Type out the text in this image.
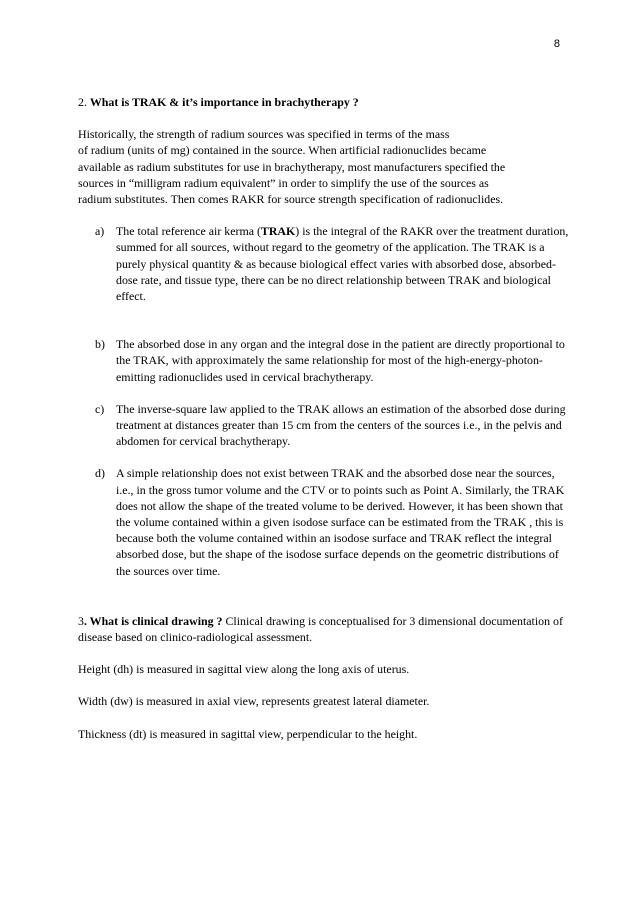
8

2. What is TRAK & it’s importance in brachytherapy ?

Historically, the strength of radium sources was specified in terms of the mass
of radium (units of mg) contained in the source. When artificial radionuclides became
available as radium substitutes for use in brachytherapy, most manufacturers specified the
sources in “milligram radium equivalent” in order to simplify the use of the sources as
radium substitutes. Then comes RAKR for source strength specification of radionuclides.

a) The total reference air kerma (TRAK) is the integral of the RAKR over the treatment duration, summed for all sources, without regard to the geometry of the application. The TRAK is a purely physical quantity & as because biological effect varies with absorbed dose, absorbed-dose rate, and tissue type, there can be no direct relationship between TRAK and biological effect.
b) The absorbed dose in any organ and the integral dose in the patient are directly proportional to the TRAK, with approximately the same relationship for most of the high-energy-photon-emitting radionuclides used in cervical brachytherapy.
c) The inverse-square law applied to the TRAK allows an estimation of the absorbed dose during treatment at distances greater than 15 cm from the centers of the sources i.e., in the pelvis and abdomen for cervical brachytherapy.
d) A simple relationship does not exist between TRAK and the absorbed dose near the sources, i.e., in the gross tumor volume and the CTV or to points such as Point A. Similarly, the TRAK does not allow the shape of the treated volume to be derived. However, it has been shown that the volume contained within a given isodose surface can be estimated from the TRAK , this is because both the volume contained within an isodose surface and TRAK reflect the integral absorbed dose, but the shape of the isodose surface depends on the geometric distributions of the sources over time.

3. What is clinical drawing ? Clinical drawing is conceptualised for 3 dimensional documentation of disease based on clinico-radiological assessment.

Height (dh) is measured in sagittal view along the long axis of uterus.

Width (dw) is measured in axial view, represents greatest lateral diameter.

Thickness (dt) is measured in sagittal view, perpendicular to the height.
